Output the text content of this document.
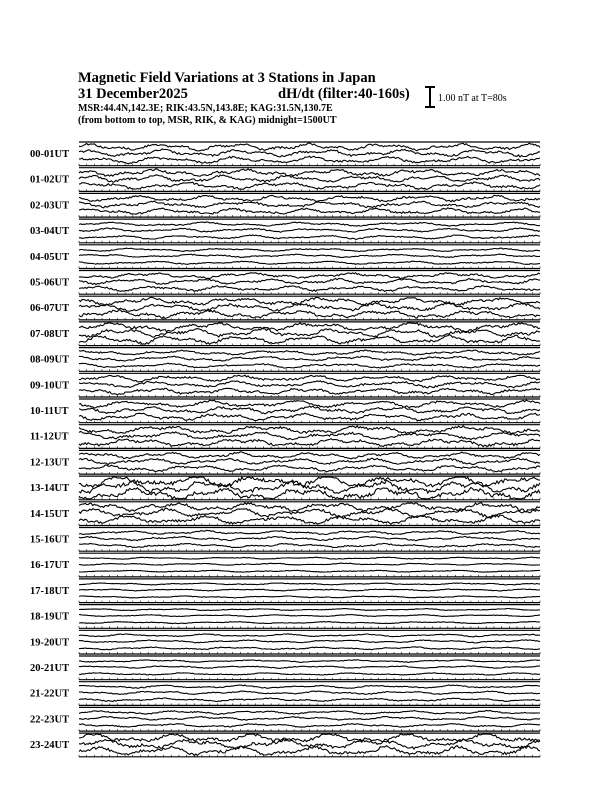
Magnetic Field Variations at 3 Stations in Japan
31 December2025	dH/dt (filter:40-160s)
MSR:44.4N,142.3E; RIK:43.5N,143.8E; KAG:31.5N,130.7E
(from bottom to top, MSR, RIK, & KAG) midnight=1500UT
1.00 nT at T=80s
00-01UT
01-02UT
02-03UT
03-04UT
04-05UT
05-06UT
06-07UT
07-08UT
08-09UT
09-10UT
10-11UT
11-12UT
12-13UT
13-14UT
14-15UT
15-16UT
16-17UT
17-18UT
18-19UT
19-20UT
20-21UT
21-22UT
22-23UT
23-24UT
